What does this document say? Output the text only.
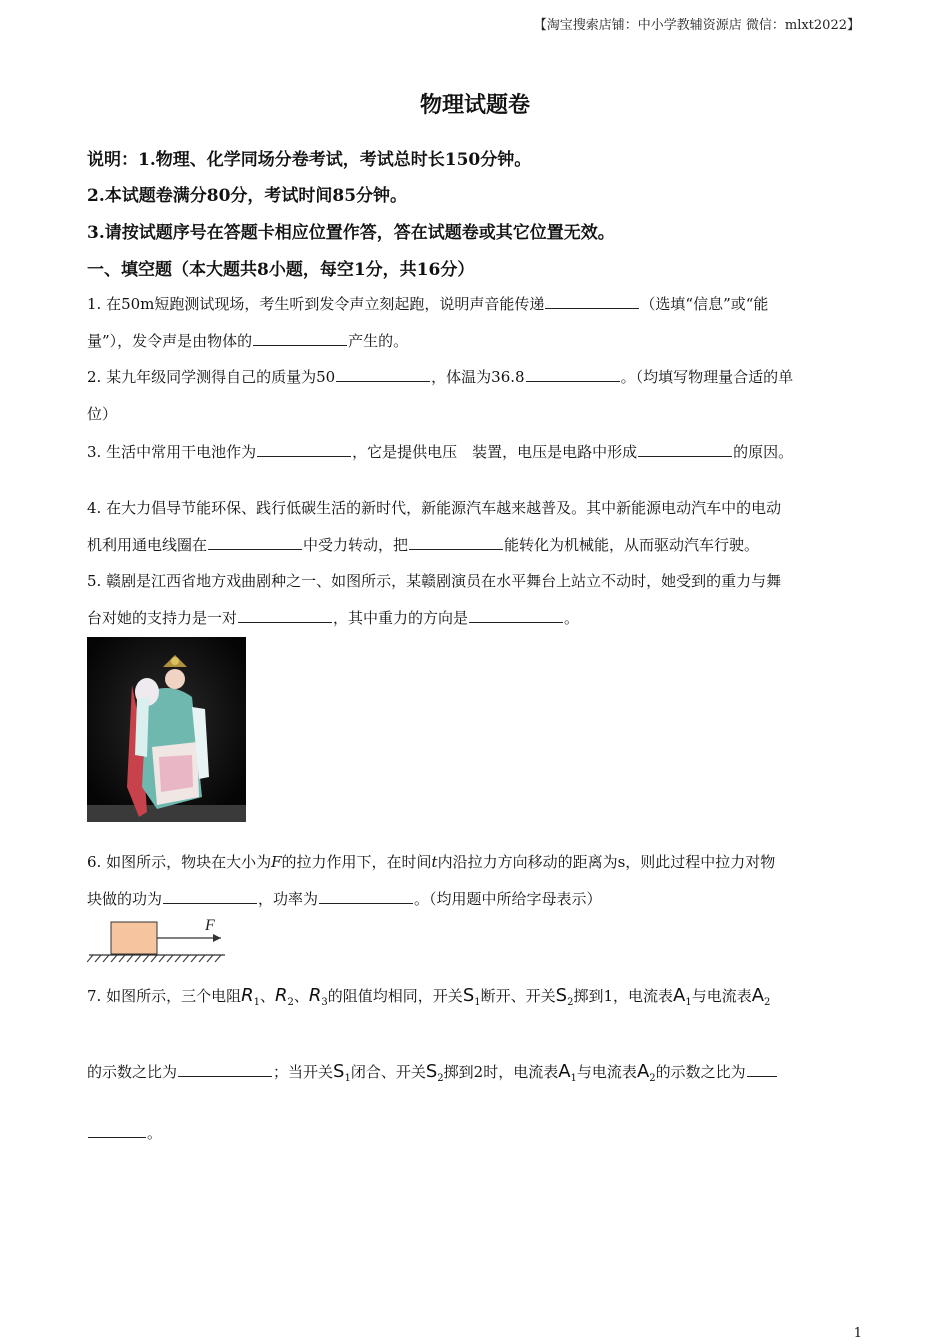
【淘宝搜索店铺：中小学教辅资源店 微信：mlxt2022】
物理试题卷
说明：1.物理、化学同场分卷考试，考试总时长150分钟。
2.本试题卷满分80分，考试时间85分钟。
3.请按试题序号在答题卡相应位置作答，答在试题卷或其它位置无效。
一、填空题（本大题共8小题，每空1分，共16分）
1. 在50m短跑测试现场，考生听到发令声立刻起跑，说明声音能传递	（选填“信息”或“能
量”），发令声是由物体的	产生的。
2. 某九年级同学测得自己的质量为50	，体温为36.8	。（均填写物理量合适的单
位）
3. 生活中常用干电池作为	，它是提供电压　装置，电压是电路中形成	的原因。
4. 在大力倡导节能环保、践行低碳生活的新时代，新能源汽车越来越普及。其中新能源电动汽车中的电动
机利用通电线圈在	中受力转动，把	能转化为机械能，从而驱动汽车行驶。
5. 赣剧是江西省地方戏曲剧种之一、如图所示，某赣剧演员在水平舞台上站立不动时，她受到的重力与舞
台对她的支持力是一对	，其中重力的方向是	。
6. 如图所示，物块在大小为F的拉力作用下，在时间t内沿拉力方向移动的距离为s，则此过程中拉力对物
块做的功为	，功率为	。（均用题中所给字母表示）
F
7. 如图所示，三个电阻$R_1$、$R_2$、$R_3$的阻值均相同，开关$S_1$断开、开关$S_2$掷到1，电流表$A_1$与电流表$A_2$
的示数之比为	；当开关$S_1$闭合、开关$S_2$掷到2时，电流表$A_1$与电流表$A_2$的示数之比为
。
1
